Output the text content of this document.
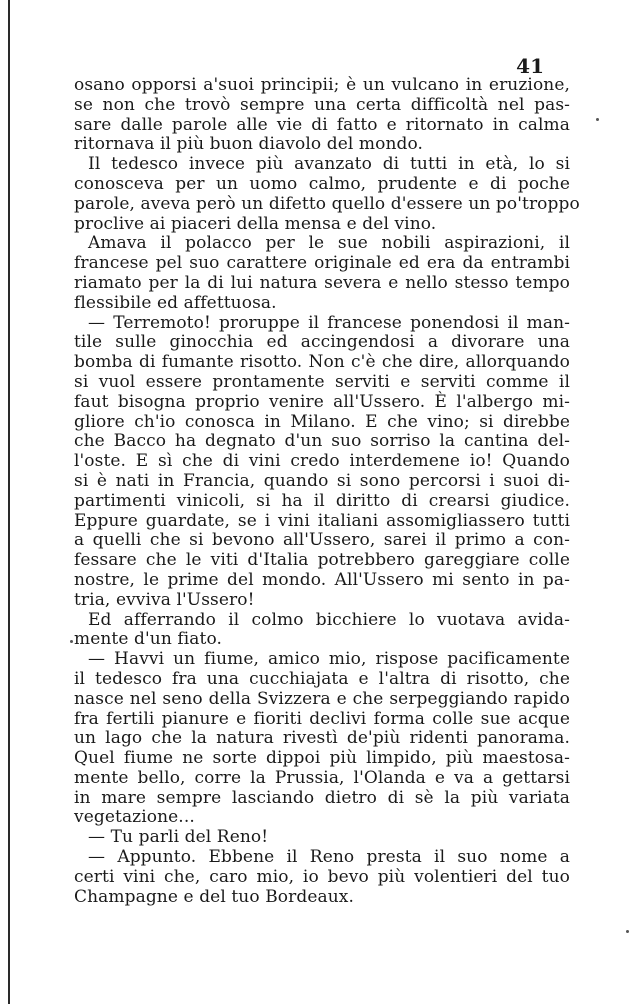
41
osano opporsi a'suoi principii; è un vulcano in eruzione,
se non che trovò sempre una certa difficoltà nel pas-
sare dalle parole alle vie di fatto e ritornato in calma
ritornava il più buon diavolo del mondo.
Il tedesco invece più avanzato di tutti in età, lo si
conosceva per un uomo calmo, prudente e di poche
parole, aveva però un difetto quello d'essere un po'troppo
proclive ai piaceri della mensa e del vino.
Amava il polacco per le sue nobili aspirazioni, il
francese pel suo carattere originale ed era da entrambi
riamato per la di lui natura severa e nello stesso tempo
flessibile ed affettuosa.
— Terremoto! proruppe il francese ponendosi il man-
tile sulle ginocchia ed accingendosi a divorare una
bomba di fumante risotto. Non c'è che dire, allorquando
si vuol essere prontamente serviti e serviti comme il
faut bisogna proprio venire all'Ussero. È l'albergo mi-
gliore ch'io conosca in Milano. E che vino; si direbbe
che Bacco ha degnato d'un suo sorriso la cantina del-
l'oste. E sì che di vini credo interdemene io! Quando
si è nati in Francia, quando si sono percorsi i suoi di-
partimenti vinicoli, si ha il diritto di crearsi giudice.
Eppure guardate, se i vini italiani assomigliassero tutti
a quelli che si bevono all'Ussero, sarei il primo a con-
fessare che le viti d'Italia potrebbero gareggiare colle
nostre, le prime del mondo. All'Ussero mi sento in pa-
tria, evviva l'Ussero!
Ed afferrando il colmo bicchiere lo vuotava avida-
mente d'un fiato.
— Havvi un fiume, amico mio, rispose pacificamente
il tedesco fra una cucchiajata e l'altra di risotto, che
nasce nel seno della Svizzera e che serpeggiando rapido
fra fertili pianure e fioriti declivi forma colle sue acque
un lago che la natura rivestì de'più ridenti panorama.
Quel fiume ne sorte dippoi più limpido, più maestosa-
mente bello, corre la Prussia, l'Olanda e va a gettarsi
in mare sempre lasciando dietro di sè la più variata
vegetazione...
— Tu parli del Reno!
— Appunto. Ebbene il Reno presta il suo nome a
certi vini che, caro mio, io bevo più volentieri del tuo
Champagne e del tuo Bordeaux.
